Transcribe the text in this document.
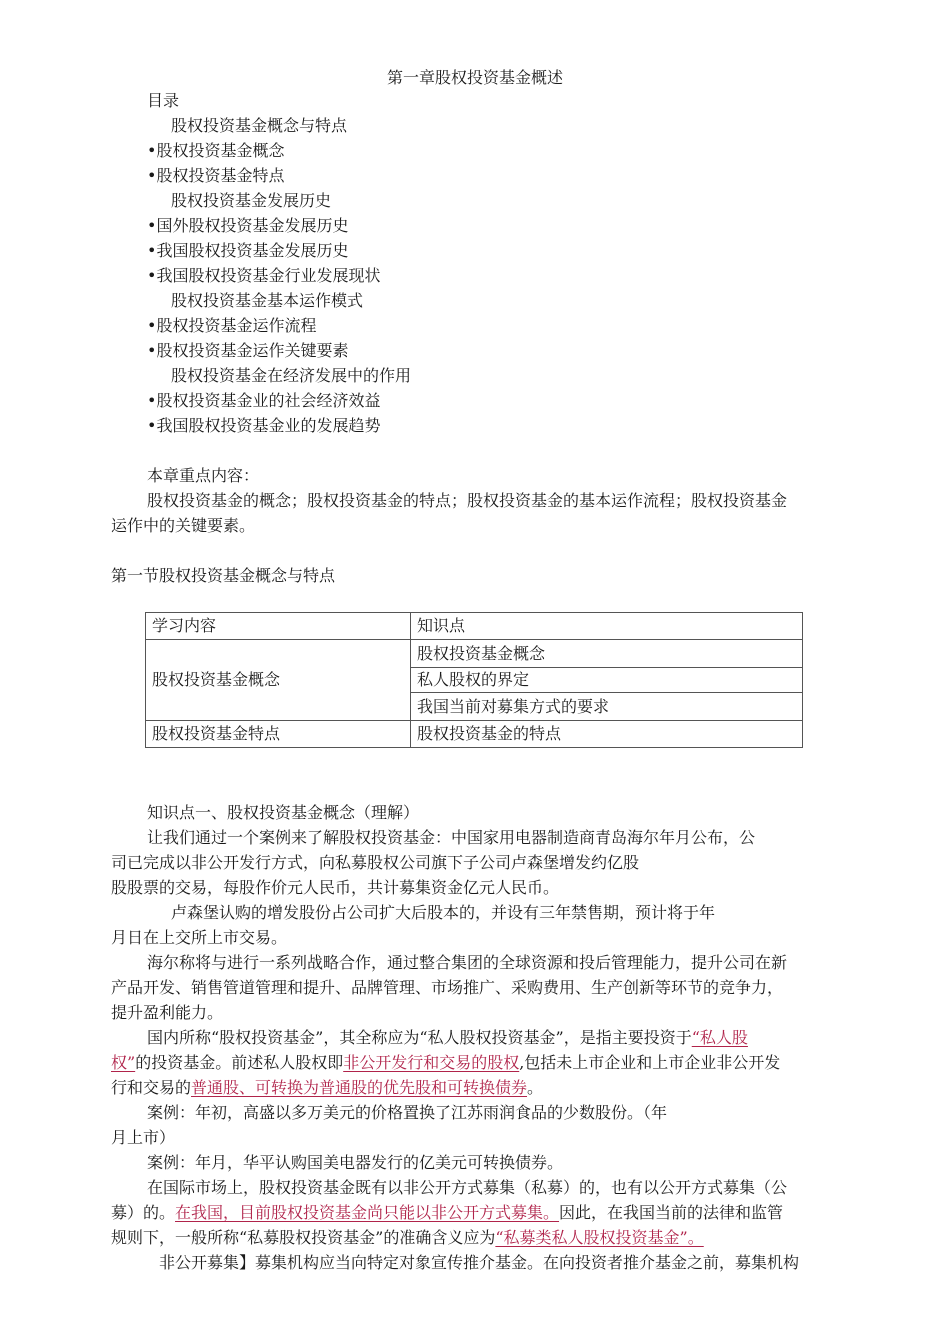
第一章股权投资基金概述
目录
股权投资基金概念与特点
•股权投资基金概念
•股权投资基金特点
股权投资基金发展历史
•国外股权投资基金发展历史
•我国股权投资基金发展历史
•我国股权投资基金行业发展现状
股权投资基金基本运作模式
•股权投资基金运作流程
•股权投资基金运作关键要素
股权投资基金在经济发展中的作用
•股权投资基金业的社会经济效益
•我国股权投资基金业的发展趋势
本章重点内容：
股权投资基金的概念；股权投资基金的特点；股权投资基金的基本运作流程；股权投资基金
运作中的关键要素。
第一节股权投资基金概念与特点
学习内容	知识点
股权投资基金概念	股权投资基金概念
	私人股权的界定
	我国当前对募集方式的要求
股权投资基金特点	股权投资基金的特点
知识点一、股权投资基金概念（理解）
让我们通过一个案例来了解股权投资基金：中国家用电器制造商青岛海尔年月公布，公
司已完成以非公开发行方式，向私募股权公司旗下子公司卢森堡增发约亿股
股股票的交易，每股作价元人民币，共计募集资金亿元人民币。
卢森堡认购的增发股份占公司扩大后股本的，并设有三年禁售期，预计将于年
月日在上交所上市交易。
海尔称将与进行一系列战略合作，通过整合集团的全球资源和投后管理能力，提升公司在新
产品开发、销售管道管理和提升、品牌管理、市场推广、采购费用、生产创新等环节的竞争力，
提升盈利能力。
国内所称“股权投资基金”，其全称应为“私人股权投资基金”，是指主要投资于“私人股
权”的投资基金。前述私人股权即非公开发行和交易的股权,包括未上市企业和上市企业非公开发
行和交易的普通股、可转换为普通股的优先股和可转换债券。
案例：年初，高盛以多万美元的价格置换了江苏雨润食品的少数股份。（年
月上市）
案例：年月，华平认购国美电器发行的亿美元可转换债券。
在国际市场上，股权投资基金既有以非公开方式募集（私募）的，也有以公开方式募集（公
募）的。在我国，目前股权投资基金尚只能以非公开方式募集。因此，在我国当前的法律和监管
规则下，一般所称“私募股权投资基金”的准确含义应为“私募类私人股权投资基金”。
非公开募集】募集机构应当向特定对象宣传推介基金。在向投资者推介基金之前，募集机构
